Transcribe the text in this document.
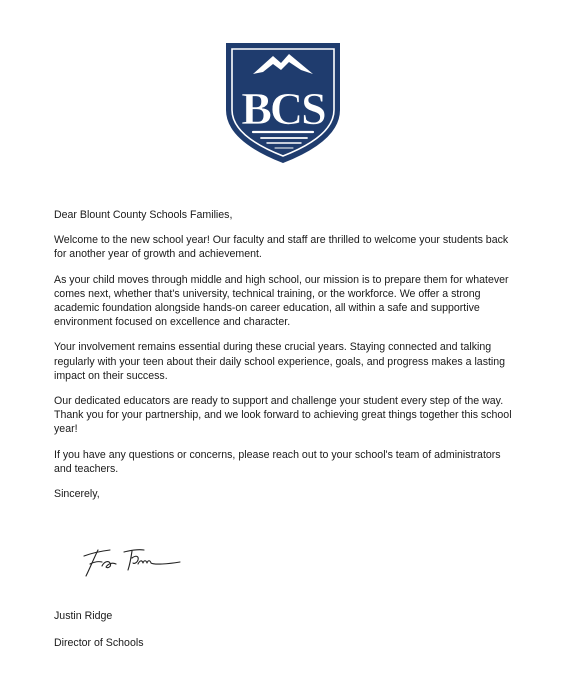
BCS

Dear Blount County Schools Families,

Welcome to the new school year! Our faculty and staff are thrilled to welcome your students back for another year of growth and achievement.

As your child moves through middle and high school, our mission is to prepare them for whatever comes next, whether that's university, technical training, or the workforce. We offer a strong academic foundation alongside hands-on career education, all within a safe and supportive environment focused on excellence and character.

Your involvement remains essential during these crucial years. Staying connected and talking regularly with your teen about their daily school experience, goals, and progress makes a lasting impact on their success.

Our dedicated educators are ready to support and challenge your student every step of the way. Thank you for your partnership, and we look forward to achieving great things together this school year!

If you have any questions or concerns, please reach out to your school's team of administrators and teachers.

Sincerely,

Justin Ridge
Director of Schools
